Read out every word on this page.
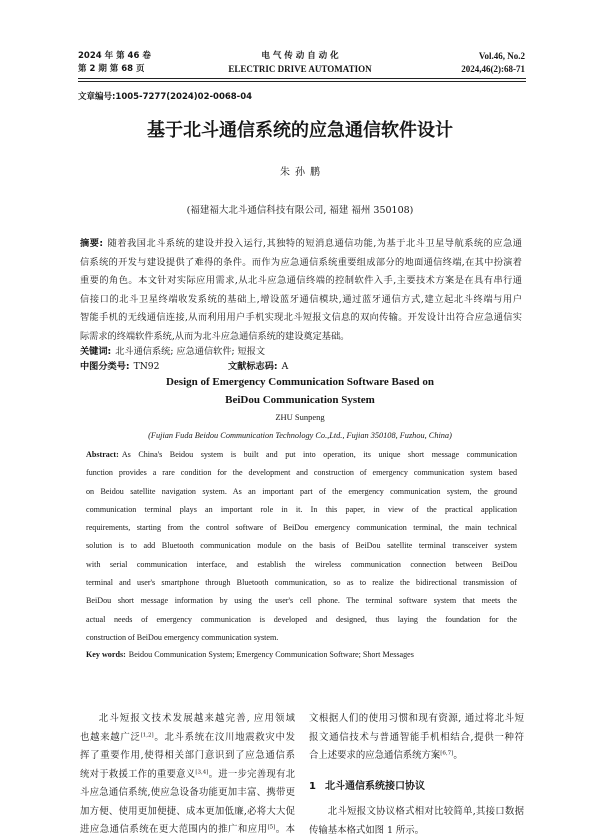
2024 年 第 46 卷
第 2 期 第 68 页
电 气 传 动 自 动 化
ELECTRIC DRIVE AUTOMATION
Vol.46, No.2
2024,46(2):68-71
文章编号:1005-7277(2024)02-0068-04
基于北斗通信系统的应急通信软件设计
朱孙鹏
(福建福大北斗通信科技有限公司, 福建 福州 350108)
摘要: 随着我国北斗系统的建设并投入运行,其独特的短消息通信功能,为基于北斗卫星导航系统的应急通
信系统的开发与建设提供了难得的条件。而作为应急通信系统重要组成部分的地面通信终端,在其中扮演着
重要的角色。本文针对实际应用需求,从北斗应急通信终端的控制软件入手,主要技术方案是在具有串行通
信接口的北斗卫星终端收发系统的基础上,增设蓝牙通信模块,通过蓝牙通信方式,建立起北斗终端与用户
智能手机的无线通信连接,从而利用用户手机实现北斗短报文信息的双向传输。开发设计出符合应急通信实
际需求的终端软件系统,从而为北斗应急通信系统的建设奠定基础。
关键词: 北斗通信系统; 应急通信软件; 短报文
中图分类号: TN92	文献标志码: A
Design of Emergency Communication Software Based on
BeiDou Communication System
ZHU Sunpeng
(Fujian Fuda Beidou Communication Technology Co.,Ltd., Fujian 350108, Fuzhou, China)
Abstract: As China's Beidou system is built and put into operation, its unique short message communication
function provides a rare condition for the development and construction of emergency communication system based
on Beidou satellite navigation system. As an important part of the emergency communication system, the ground
communication terminal plays an important role in it. In this paper, in view of the practical application
requirements, starting from the control software of BeiDou emergency communication terminal, the main technical
solution is to add Bluetooth communication module on the basis of BeiDou satellite terminal transceiver system
with serial communication interface, and establish the wireless communication connection between BeiDou
terminal and user's smartphone through Bluetooth communication, so as to realize the bidirectional transmission of
BeiDou short message information by using the user's cell phone. The terminal software system that meets the
actual needs of emergency communication is developed and designed, thus laying the foundation for the
construction of BeiDou emergency communication system.
Key words: Beidou Communication System; Emergency Communication Software; Short Messages
北斗短报文技术发展越来越完善, 应用领域
也越来越广泛[1,2]。北斗系统在汶川地震救灾中发
挥了重要作用,使得相关部门意识到了应急通信系
统对于救援工作的重要意义[3,4]。进一步完善现有北
斗应急通信系统,使应急设备功能更加丰富、携带更
加方便、使用更加便捷、成本更加低廉,必将大大促
进应急通信系统在更大范围内的推广和应用[5]。本
文根据人们的使用习惯和现有资源, 通过将北斗短
报文通信技术与普通智能手机相结合,提供一种符
合上述要求的应急通信系统方案[6,7]。
1 北斗通信系统接口协议
北斗短报文协议格式相对比较简单,其接口数据
传输基本格式如图 1 所示。
